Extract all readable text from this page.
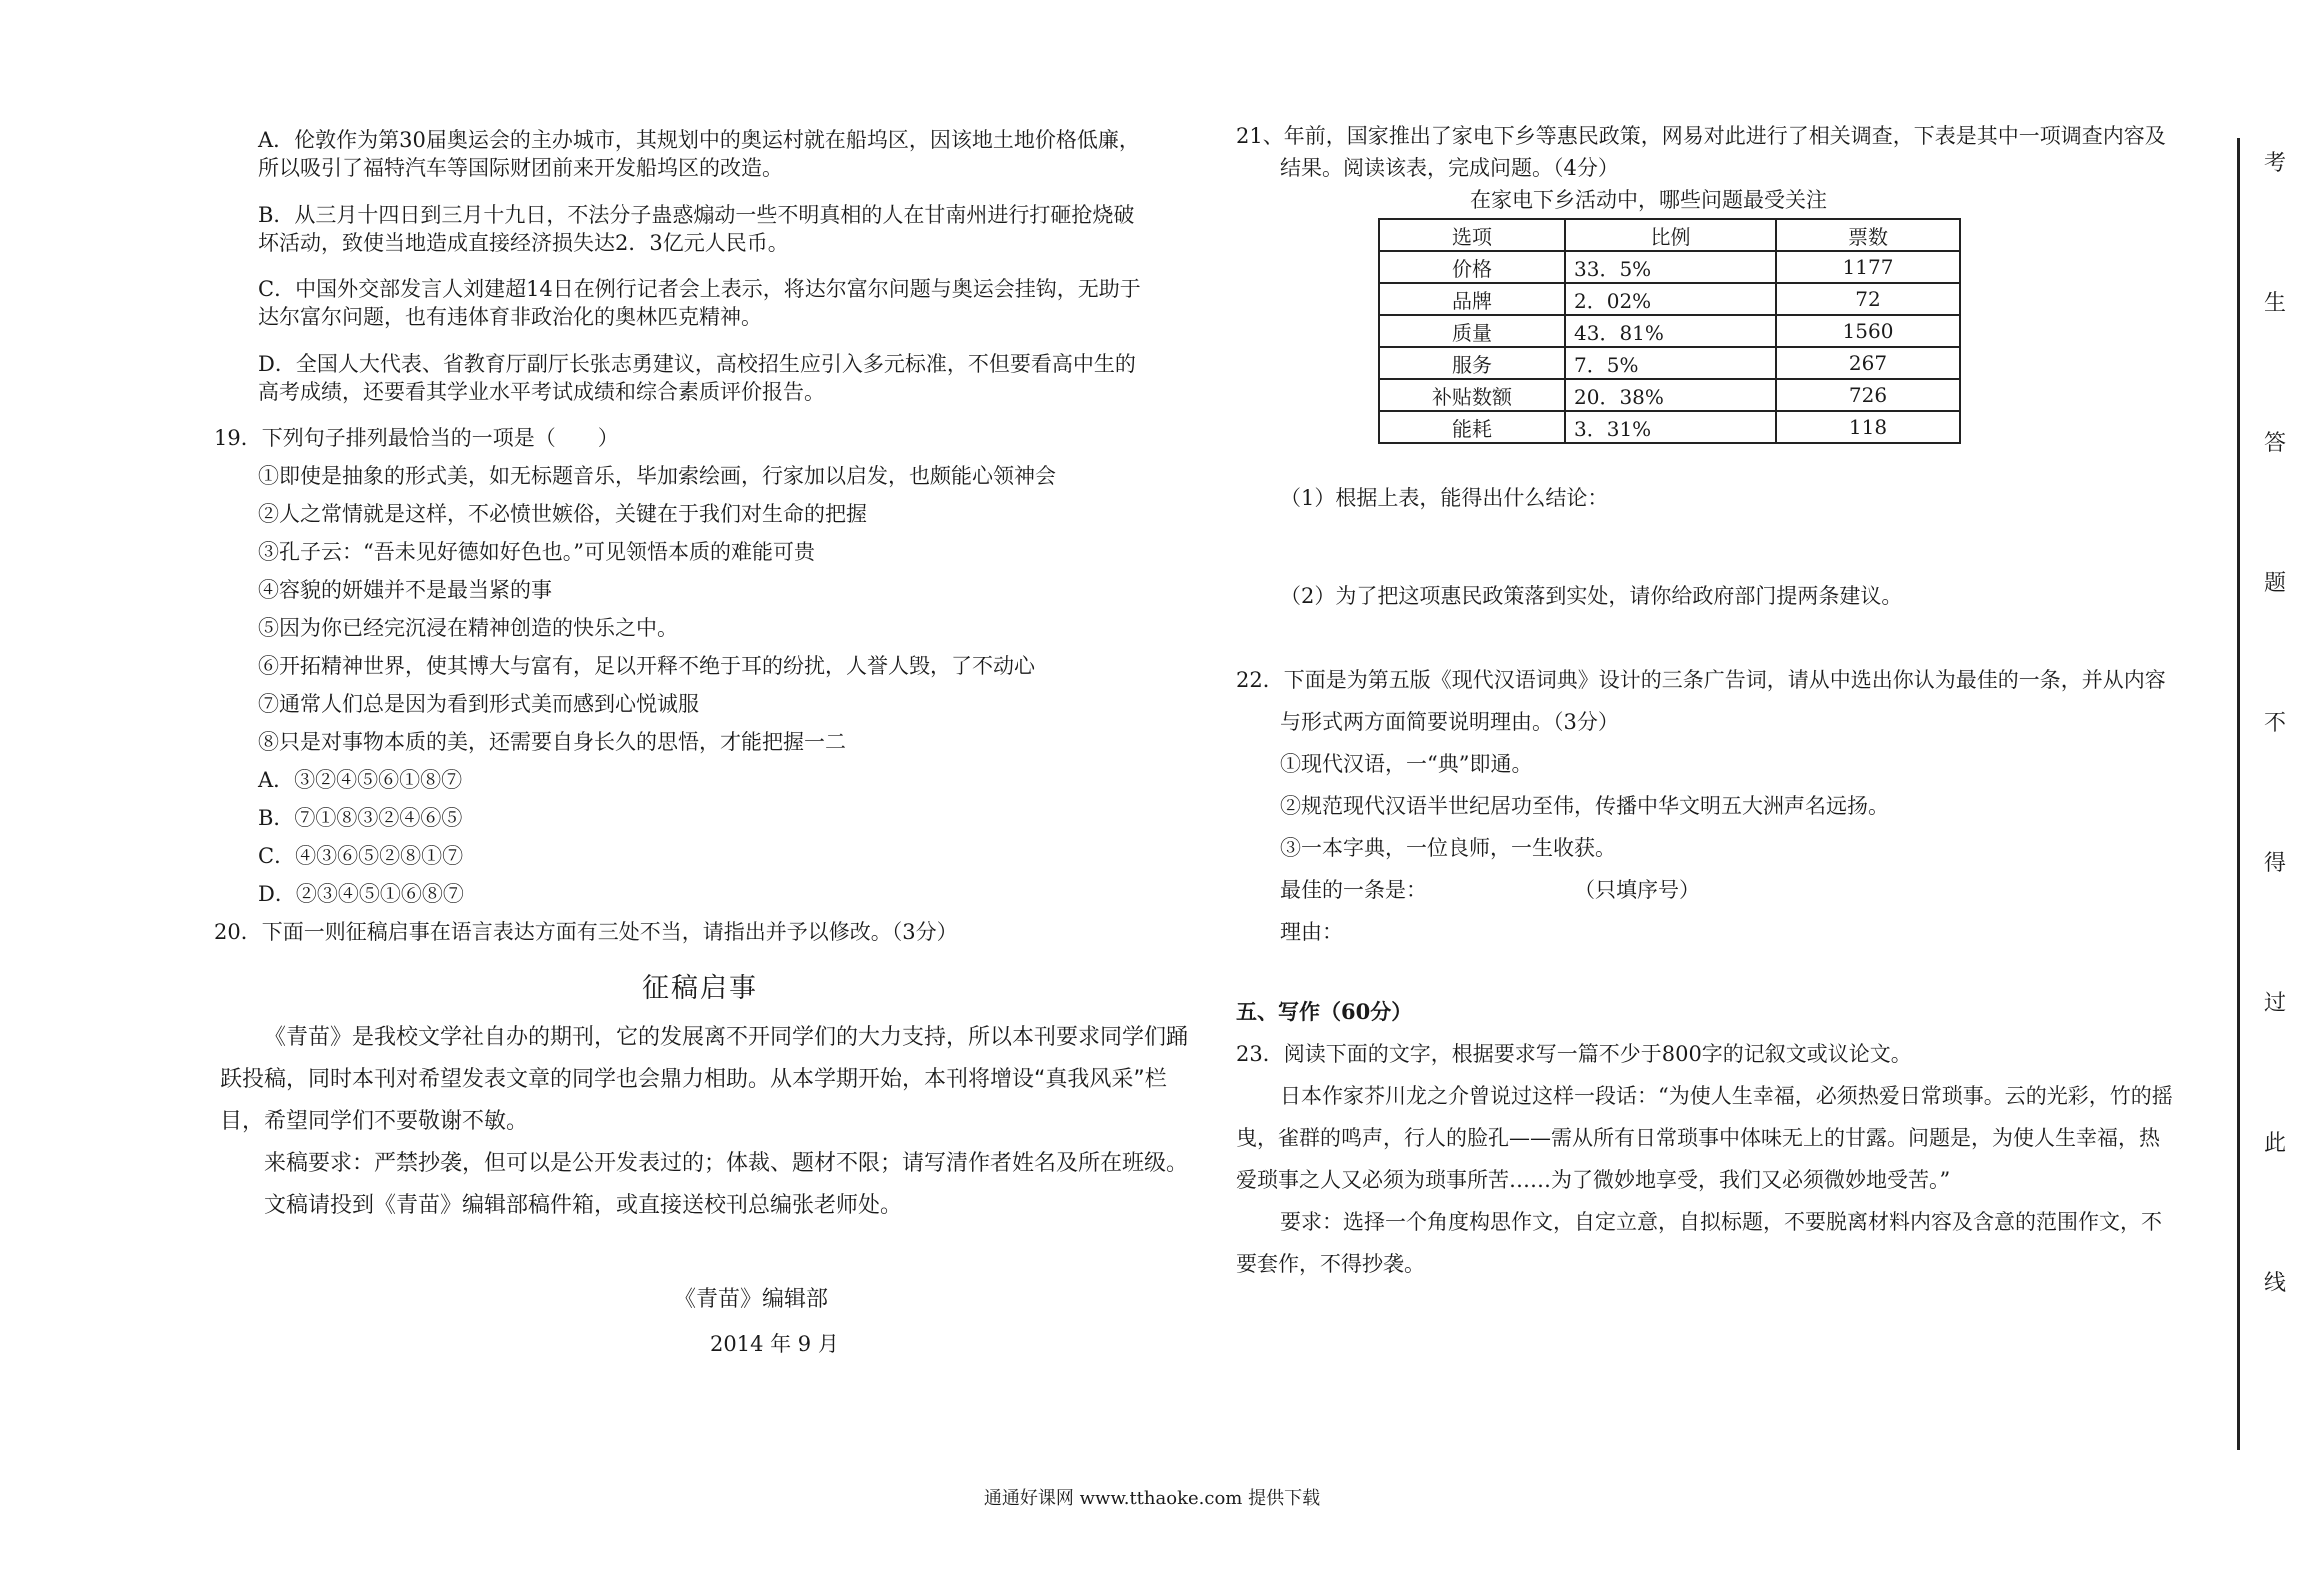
A．伦敦作为第30届奥运会的主办城市，其规划中的奥运村就在船坞区，因该地土地价格低廉，
所以吸引了福特汽车等国际财团前来开发船坞区的改造。
B．从三月十四日到三月十九日，不法分子蛊惑煽动一些不明真相的人在甘南州进行打砸抢烧破
坏活动，致使当地造成直接经济损失达2．3亿元人民币。
C．中国外交部发言人刘建超14日在例行记者会上表示，将达尔富尔问题与奥运会挂钩，无助于
达尔富尔问题，也有违体育非政治化的奥林匹克精神。
D．全国人大代表、省教育厅副厅长张志勇建议，高校招生应引入多元标准，不但要看高中生的
高考成绩，还要看其学业水平考试成绩和综合素质评价报告。
19．下列句子排列最恰当的一项是（　　）
①即使是抽象的形式美，如无标题音乐，毕加索绘画，行家加以启发，也颇能心领神会
②人之常情就是这样，不必愤世嫉俗，关键在于我们对生命的把握
③孔子云：“吾未见好德如好色也。”可见领悟本质的难能可贵
④容貌的妍媸并不是最当紧的事
⑤因为你已经完沉浸在精神创造的快乐之中。
⑥开拓精神世界，使其博大与富有，足以开释不绝于耳的纷扰，人誉人毁，了不动心
⑦通常人们总是因为看到形式美而感到心悦诚服
⑧只是对事物本质的美，还需要自身长久的思悟，才能把握一二
A．③②④⑤⑥①⑧⑦
B．⑦①⑧③②④⑥⑤
C．④③⑥⑤②⑧①⑦
D．②③④⑤①⑥⑧⑦
20．下面一则征稿启事在语言表达方面有三处不当，请指出并予以修改。（3分）
征稿启事
《青苗》是我校文学社自办的期刊，它的发展离不开同学们的大力支持，所以本刊要求同学们踊
跃投稿，同时本刊对希望发表文章的同学也会鼎力相助。从本学期开始，本刊将增设“真我风采”栏
目，希望同学们不要敬谢不敏。
来稿要求：严禁抄袭，但可以是公开发表过的；体裁、题材不限；请写清作者姓名及所在班级。
文稿请投到《青苗》编辑部稿件箱，或直接送校刊总编张老师处。
《青苗》编辑部
2014 年 9 月
21、年前，国家推出了家电下乡等惠民政策，网易对此进行了相关调查，下表是其中一项调查内容及
结果。阅读该表，完成问题。（4分）
在家电下乡活动中，哪些问题最受关注
选项	比例	票数
价格	33．5%	1177
品牌	2．02%	72
质量	43．81%	1560
服务	7．5%	267
补贴数额	20．38%	726
能耗	3．31%	118
（1）根据上表，能得出什么结论：
（2）为了把这项惠民政策落到实处，请你给政府部门提两条建议。
22．下面是为第五版《现代汉语词典》设计的三条广告词，请从中选出你认为最佳的一条，并从内容
与形式两方面简要说明理由。（3分）
①现代汉语，一“典”即通。
②规范现代汉语半世纪居功至伟，传播中华文明五大洲声名远扬。
③一本字典，一位良师，一生收获。
最佳的一条是：	（只填序号）
理由：
五、写作（60分）
23．阅读下面的文字，根据要求写一篇不少于800字的记叙文或议论文。
日本作家芥川龙之介曾说过这样一段话：“为使人生幸福，必须热爱日常琐事。云的光彩，竹的摇
曳，雀群的鸣声，行人的脸孔——需从所有日常琐事中体味无上的甘露。问题是，为使人生幸福，热
爱琐事之人又必须为琐事所苦……为了微妙地享受，我们又必须微妙地受苦。”
要求：选择一个角度构思作文，自定立意，自拟标题，不要脱离材料内容及含意的范围作文，不
要套作，不得抄袭。
考
生
答
题
不
得
过
此
线
通通好课网 www.tthaoke.com 提供下载
